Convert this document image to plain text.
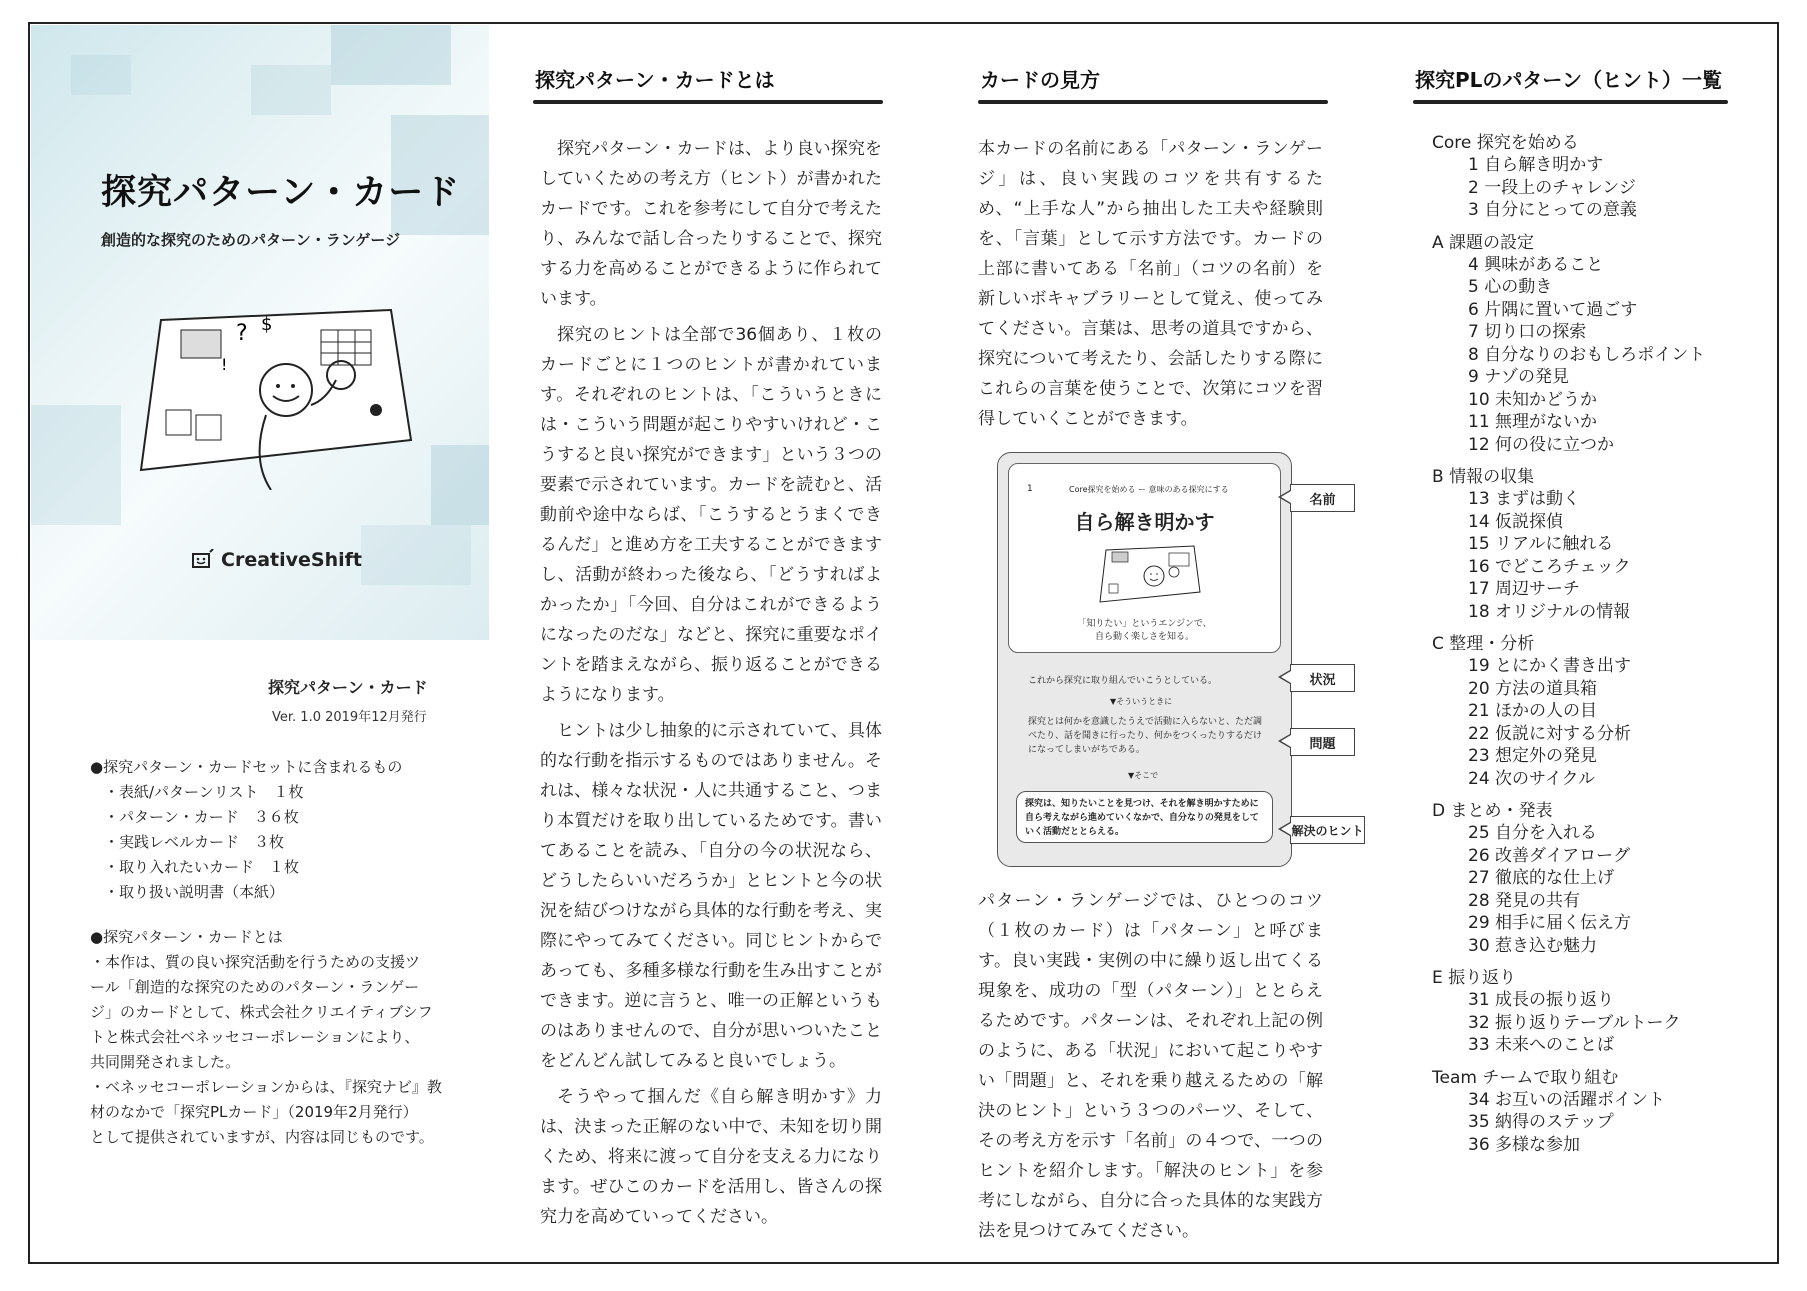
探究パターン・カード
創造的な探究のためのパターン・ランゲージ
? $
!
CreativeShift
探究パターン・カード
Ver. 1.0 2019年12月発行
●探究パターン・カードセットに含まれるもの
・表紙/パターンリスト　１枚
・パターン・カード　３６枚
・実践レベルカード　３枚
・取り入れたいカード　１枚
・取り扱い説明書（本紙）
●探究パターン・カードとは
・本作は、質の良い探究活動を行うための支援ツ
ール「創造的な探究のためのパターン・ランゲー
ジ」のカードとして、株式会社クリエイティブシフ
トと株式会社ベネッセコーポレーションにより、
共同開発されました。
・ベネッセコーポレーションからは、『探究ナビ』教
材のなかで「探究PLカード」（2019年2月発行）
として提供されていますが、内容は同じものです。
探究パターン・カードとは

探究パターン・カードは、より良い探究をしていくための考え方（ヒント）が書かれたカードです。これを参考にして自分で考えたり、みんなで話し合ったりすることで、探究する力を高めることができるように作られています。

探究のヒントは全部で36個あり、１枚のカードごとに１つのヒントが書かれています。それぞれのヒントは、「こういうときには・こういう問題が起こりやすいけれど・こうすると良い探究ができます」という３つの要素で示されています。カードを読むと、活動前や途中ならば、「こうするとうまくできるんだ」と進め方を工夫することができますし、活動が終わった後なら、「どうすればよかったか」「今回、自分はこれができるようになったのだな」などと、探究に重要なポイントを踏まえながら、振り返ることができるようになります。

ヒントは少し抽象的に示されていて、具体的な行動を指示するものではありません。それは、様々な状況・人に共通すること、つまり本質だけを取り出しているためです。書いてあることを読み、「自分の今の状況なら、どうしたらいいだろうか」とヒントと今の状況を結びつけながら具体的な行動を考え、実際にやってみてください。同じヒントからであっても、多種多様な行動を生み出すことができます。逆に言うと、唯一の正解というものはありませんので、自分が思いついたことをどんどん試してみると良いでしょう。

そうやって掴んだ《自ら解き明かす》力は、決まった正解のない中で、未知を切り開くため、将来に渡って自分を支える力になります。ぜひこのカードを活用し、皆さんの探究力を高めていってください。

カードの見方

本カードの名前にある「パターン・ランゲージ」は、良い実践のコツを共有するため、“上手な人”から抽出した工夫や経験則を、「言葉」として示す方法です。カードの上部に書いてある「名前」（コツの名前）を新しいボキャブラリーとして覚え、使ってみてください。言葉は、思考の道具ですから、探究について考えたり、会話したりする際にこれらの言葉を使うことで、次第にコツを習得していくことができます。

1	Core探究を始める ー 意味のある探究にする
自ら解き明かす
「知りたい」というエンジンで、
自ら動く楽しさを知る。
これから探究に取り組んでいこうとしている。
▼そういうときに
探究とは何かを意識したうえで活動に入らないと、ただ調べたり、話を聞きに行ったり、何かをつくったりするだけになってしまいがちである。
▼そこで
探究は、知りたいことを見つけ、それを解き明かすために自ら考えながら進めていくなかで、自分なりの発見をしていく活動だととらえる。
名前
状況
問題
解決のヒント

パターン・ランゲージでは、ひとつのコツ（１枚のカード）は「パターン」と呼びます。良い実践・実例の中に繰り返し出てくる現象を、成功の「型（パターン）」ととらえるためです。パターンは、それぞれ上記の例のように、ある「状況」において起こりやすい「問題」と、それを乗り越えるための「解決のヒント」という３つのパーツ、そして、その考え方を示す「名前」の４つで、一つのヒントを紹介します。「解決のヒント」を参考にしながら、自分に合った具体的な実践方法を見つけてみてください。

探究PLのパターン（ヒント）一覧
Core 探究を始める
1 自ら解き明かす
2 一段上のチャレンジ
3 自分にとっての意義
A 課題の設定
4 興味があること
5 心の動き
6 片隅に置いて過ごす
7 切り口の探索
8 自分なりのおもしろポイント
9 ナゾの発見
10 未知かどうか
11 無理がないか
12 何の役に立つか
B 情報の収集
13 まずは動く
14 仮説探偵
15 リアルに触れる
16 でどころチェック
17 周辺サーチ
18 オリジナルの情報
C 整理・分析
19 とにかく書き出す
20 方法の道具箱
21 ほかの人の目
22 仮説に対する分析
23 想定外の発見
24 次のサイクル
D まとめ・発表
25 自分を入れる
26 改善ダイアローグ
27 徹底的な仕上げ
28 発見の共有
29 相手に届く伝え方
30 惹き込む魅力
E 振り返り
31 成長の振り返り
32 振り返りテーブルトーク
33 未来へのことば
Team チームで取り組む
34 お互いの活躍ポイント
35 納得のステップ
36 多様な参加
